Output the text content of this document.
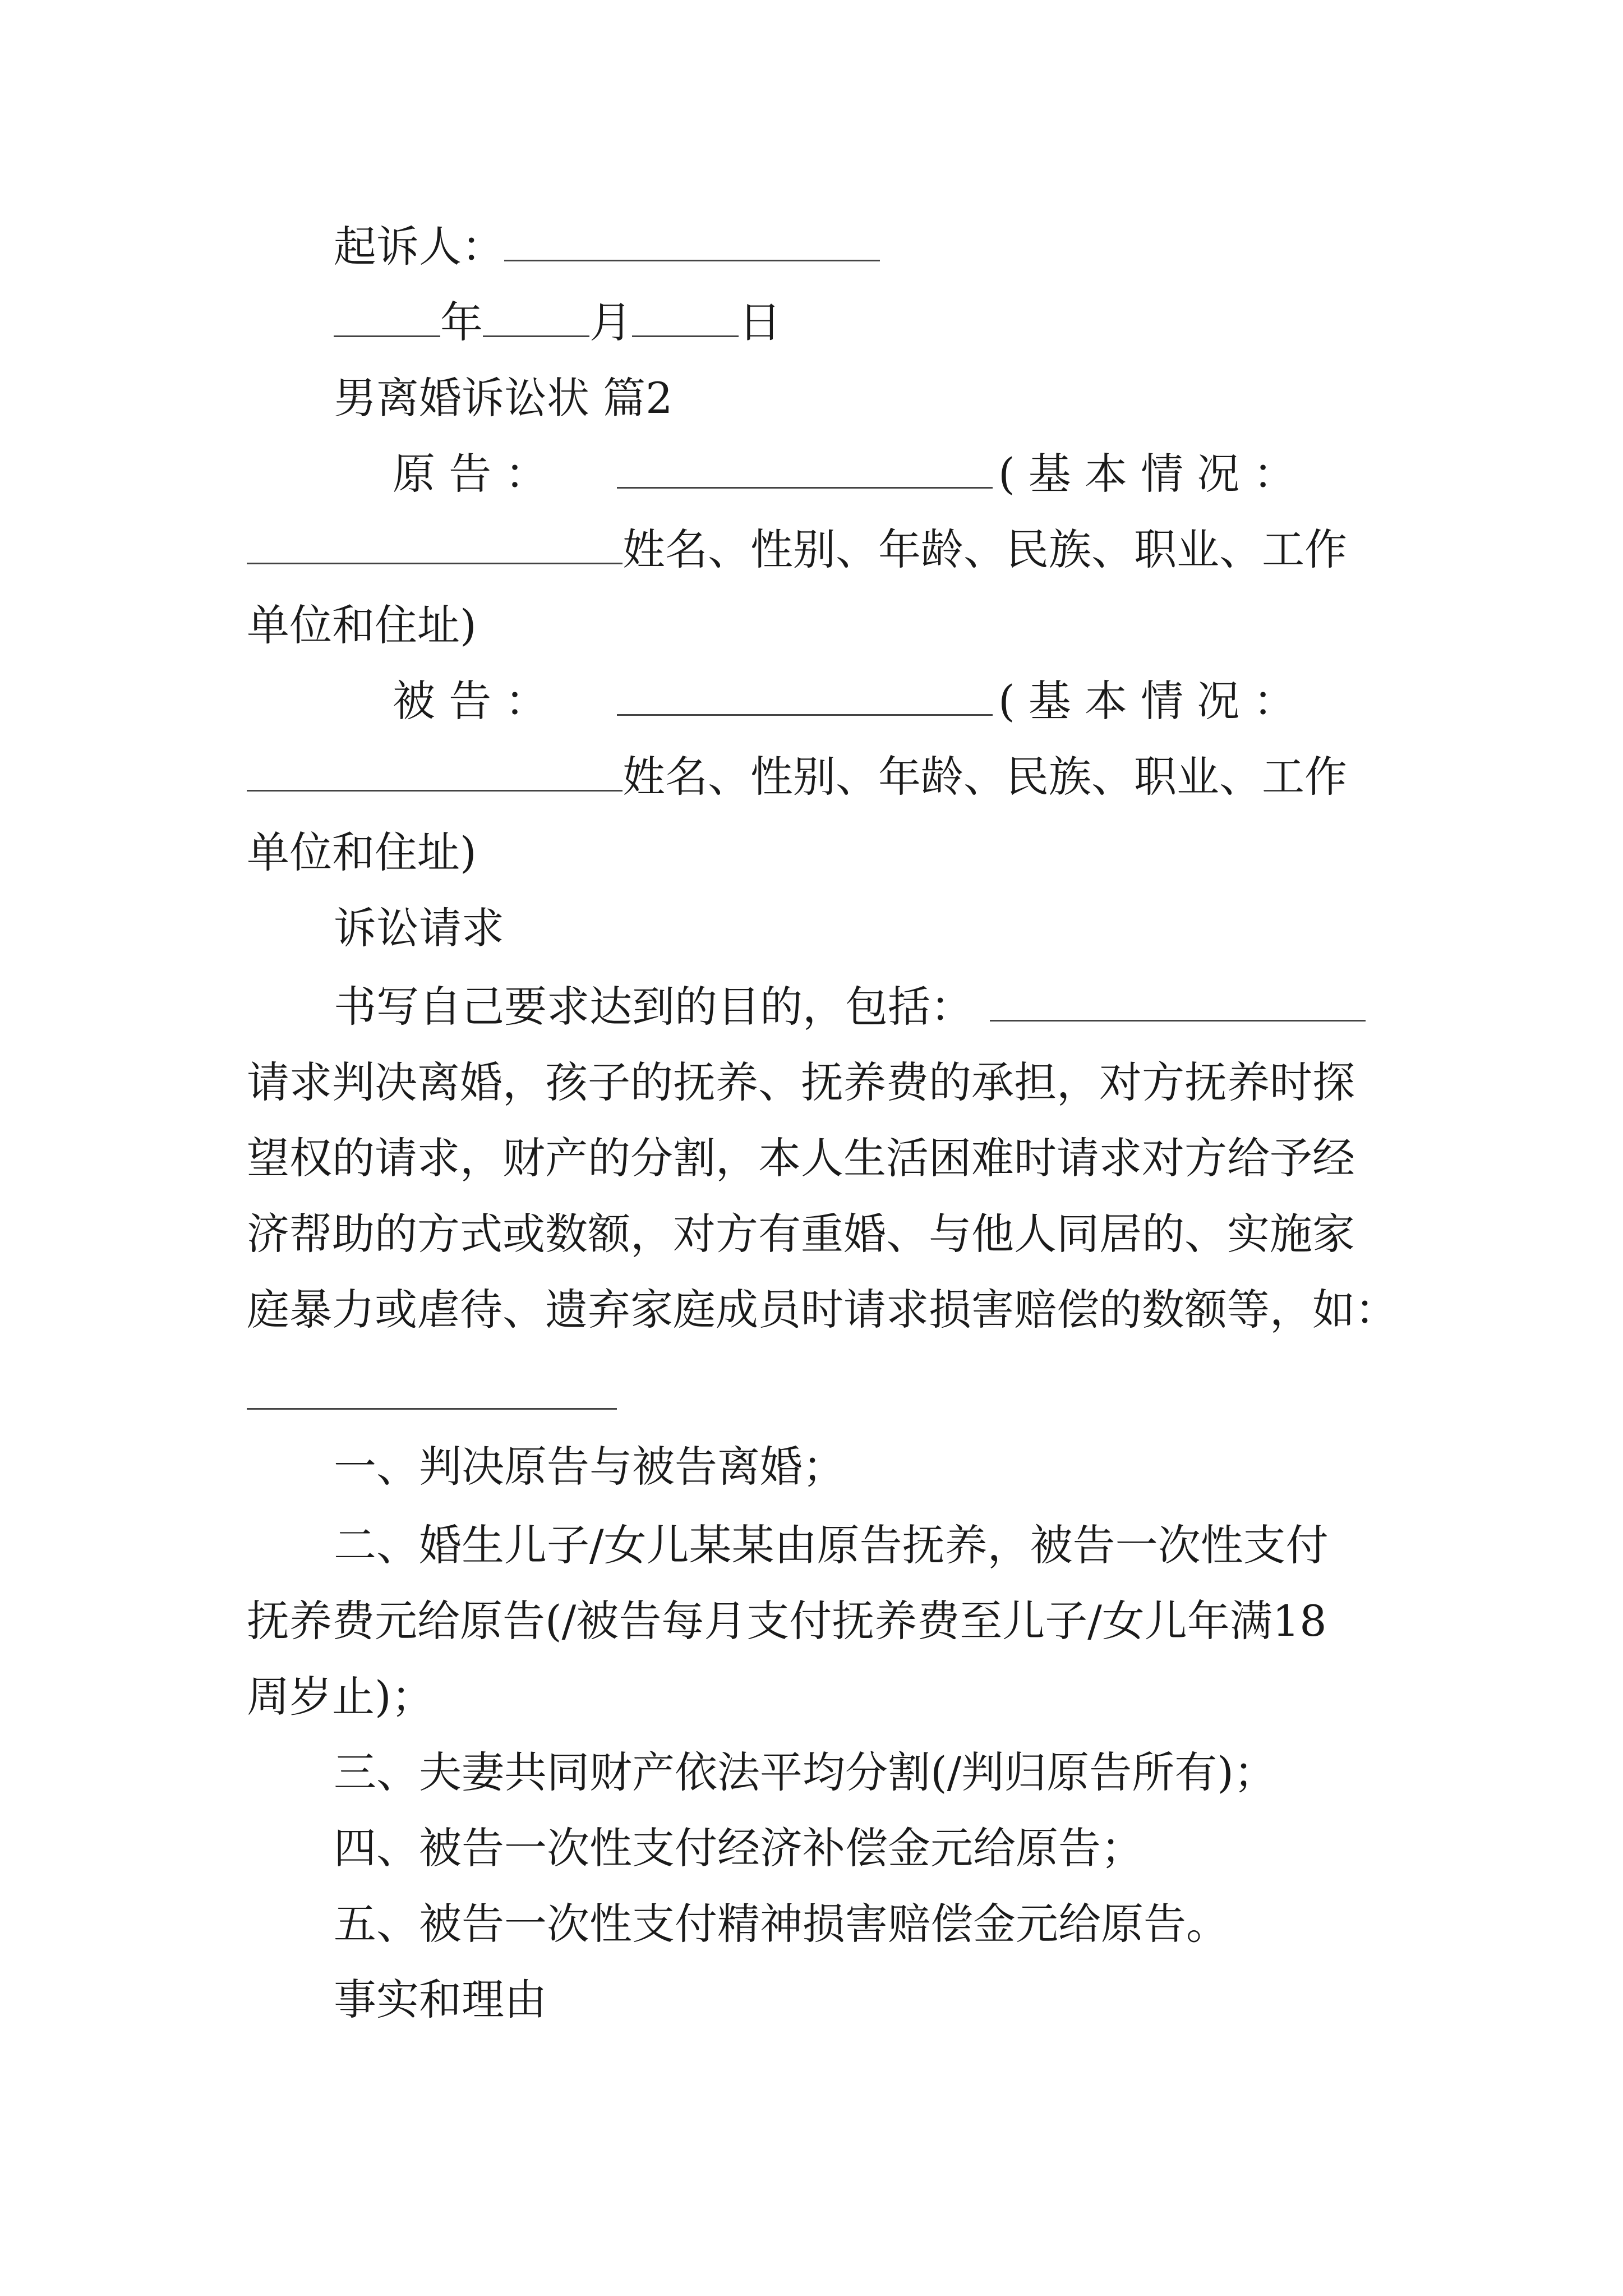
起诉人：
年	月	日
男离婚诉讼状 篇2
原 告 ：	( 基 本 情 况 ：
姓名、性别、年龄、民族、职业、工作
单位和住址)
被 告 ：	( 基 本 情 况 ：
姓名、性别、年龄、民族、职业、工作
单位和住址)
诉讼请求
书写自己要求达到的目的，包括：
请求判决离婚，孩子的抚养、抚养费的承担，对方抚养时探
望权的请求，财产的分割，本人生活困难时请求对方给予经
济帮助的方式或数额，对方有重婚、与他人同居的、实施家
庭暴力或虐待、遗弃家庭成员时请求损害赔偿的数额等，如：
一、判决原告与被告离婚；
二、婚生儿子/女儿某某由原告抚养，被告一次性支付
抚养费元给原告(/被告每月支付抚养费至儿子/女儿年满18
周岁止)；
三、夫妻共同财产依法平均分割(/判归原告所有)；
四、被告一次性支付经济补偿金元给原告；
五、被告一次性支付精神损害赔偿金元给原告。
事实和理由
